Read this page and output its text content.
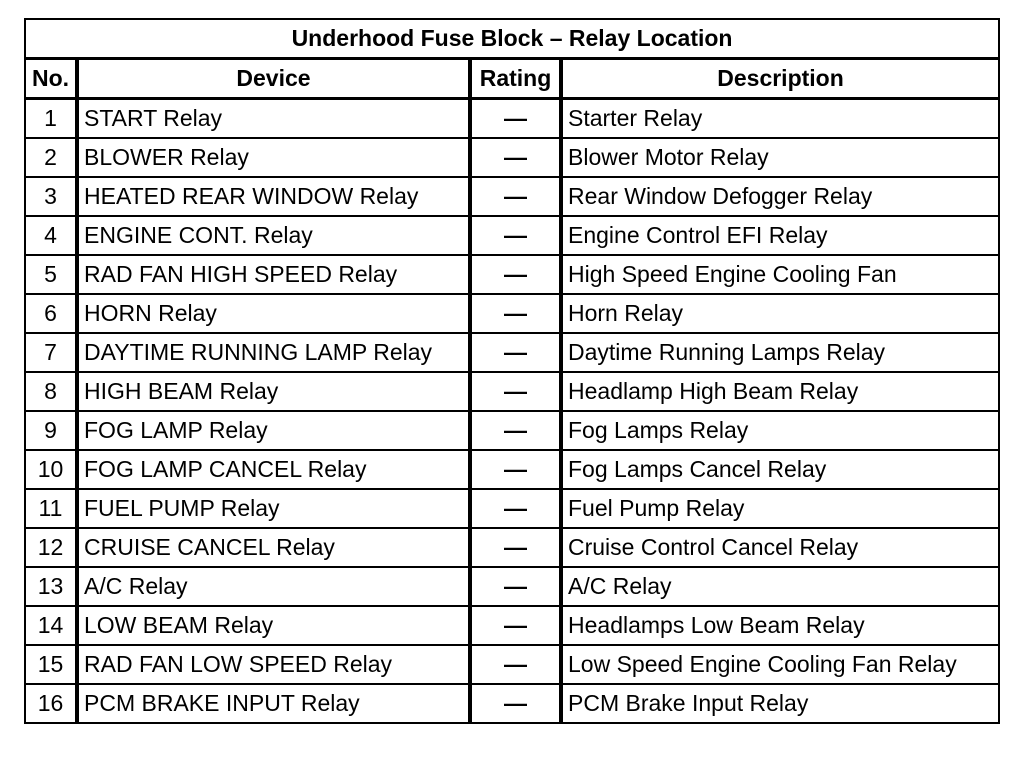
Underhood Fuse Block – Relay Location			
No.	Device	Rating	Description
1	START Relay	—	Starter Relay
2	BLOWER Relay	—	Blower Motor Relay
3	HEATED REAR WINDOW Relay	—	Rear Window Defogger Relay
4	ENGINE CONT. Relay	—	Engine Control EFI Relay
5	RAD FAN HIGH SPEED Relay	—	High Speed Engine Cooling Fan
6	HORN Relay	—	Horn Relay
7	DAYTIME RUNNING LAMP Relay	—	Daytime Running Lamps Relay
8	HIGH BEAM Relay	—	Headlamp High Beam Relay
9	FOG LAMP Relay	—	Fog Lamps Relay
10	FOG LAMP CANCEL Relay	—	Fog Lamps Cancel Relay
11	FUEL PUMP Relay	—	Fuel Pump Relay
12	CRUISE CANCEL Relay	—	Cruise Control Cancel Relay
13	A/C Relay	—	A/C Relay
14	LOW BEAM Relay	—	Headlamps Low Beam Relay
15	RAD FAN LOW SPEED Relay	—	Low Speed Engine Cooling Fan Relay
16	PCM BRAKE INPUT Relay	—	PCM Brake Input Relay
